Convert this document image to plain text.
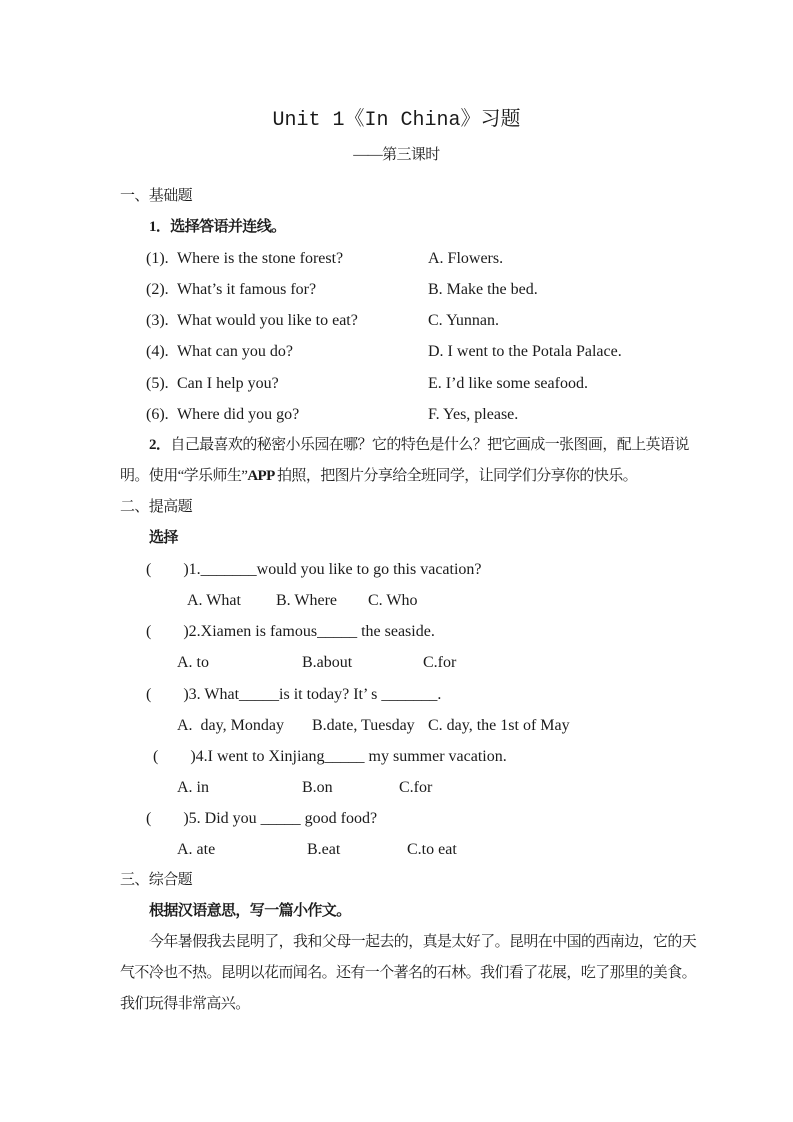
Unit 1《In China》习题
——第三课时
一、基础题
1．选择答语并连线。
(1). Where is the stone forest?	A. Flowers.
(2). What’s it famous for?	B. Make the bed.
(3). What would you like to eat?	C. Yunnan.
(4). What can you do?	D. I went to the Potala Palace.
(5). Can I help you?	E. I’d like some seafood.
(6). Where did you go?	F. Yes, please.
2．自己最喜欢的秘密小乐园在哪？它的特色是什么？把它画成一张图画，配上英语说
明。使用“学乐师生”APP 拍照，把图片分享给全班同学，让同学们分享你的快乐。
二、提高题
选择
(　　)1._______would you like to go this vacation?

A. What

B. Where

C. Who

(　　)2.Xiamen is famous_____ the seaside.

A. to

	B.about

	C.for

(　　)3. What_____is it today? It’ s _______.

A.  day, Monday

B.date, Tuesday

C. day, the 1st of May

(　　)4.I went to Xinjiang_____ my summer vacation.

A. in

	B.on

	C.for

(　　)5. Did you _____ good food?

A. ate

	B.eat

	C.to eat

三、综合题
根据汉语意思，写一篇小作文。
今年暑假我去昆明了，我和父母一起去的，真是太好了。昆明在中国的西南边，它的天
气不冷也不热。昆明以花而闻名。还有一个著名的石林。我们看了花展，吃了那里的美食。
我们玩得非常高兴。
